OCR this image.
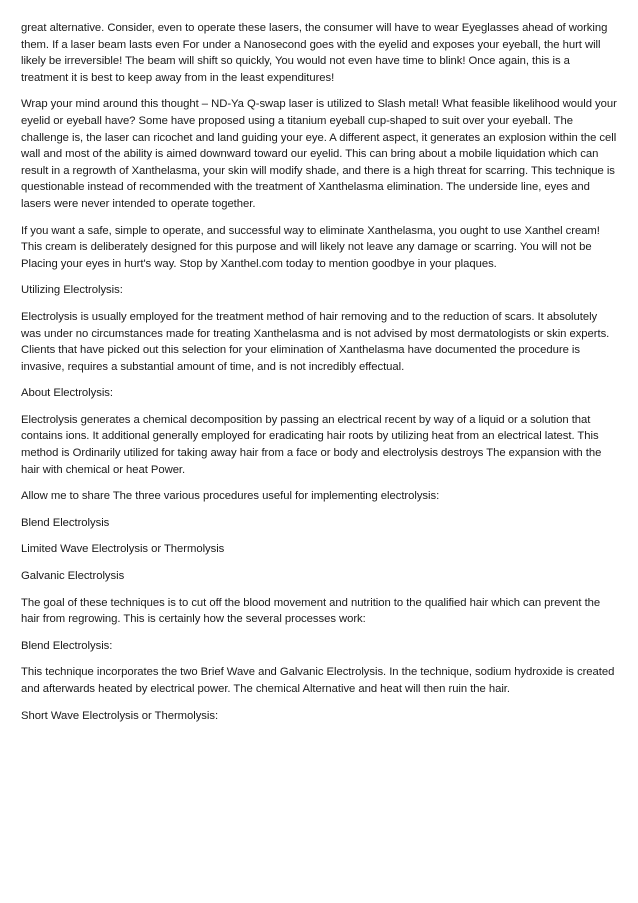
great alternative. Consider, even to operate these lasers, the consumer will have to wear Eyeglasses ahead of working them. If a laser beam lasts even For under a Nanosecond goes with the eyelid and exposes your eyeball, the hurt will likely be irreversible! The beam will shift so quickly, You would not even have time to blink! Once again, this is a treatment it is best to keep away from in the least expenditures!

Wrap your mind around this thought – ND-Ya Q-swap laser is utilized to Slash metal! What feasible likelihood would your eyelid or eyeball have? Some have proposed using a titanium eyeball cup-shaped to suit over your eyeball. The challenge is, the laser can ricochet and land guiding your eye. A different aspect, it generates an explosion within the cell wall and most of the ability is aimed downward toward our eyelid. This can bring about a mobile liquidation which can result in a regrowth of Xanthelasma, your skin will modify shade, and there is a high threat for scarring. This technique is questionable instead of recommended with the treatment of Xanthelasma elimination. The underside line, eyes and lasers were never intended to operate together.

If you want a safe, simple to operate, and successful way to eliminate Xanthelasma, you ought to use Xanthel cream! This cream is deliberately designed for this purpose and will likely not leave any damage or scarring. You will not be Placing your eyes in hurt's way. Stop by Xanthel.com today to mention goodbye in your plaques.

Utilizing Electrolysis:

Electrolysis is usually employed for the treatment method of hair removing and to the reduction of scars. It absolutely was under no circumstances made for treating Xanthelasma and is not advised by most dermatologists or skin experts. Clients that have picked out this selection for your elimination of Xanthelasma have documented the procedure is invasive, requires a substantial amount of time, and is not incredibly effectual.

About Electrolysis:

Electrolysis generates a chemical decomposition by passing an electrical recent by way of a liquid or a solution that contains ions. It additional generally employed for eradicating hair roots by utilizing heat from an electrical latest. This method is Ordinarily utilized for taking away hair from a face or body and electrolysis destroys The expansion with the hair with chemical or heat Power.

Allow me to share The three various procedures useful for implementing electrolysis:

Blend Electrolysis

Limited Wave Electrolysis or Thermolysis

Galvanic Electrolysis

The goal of these techniques is to cut off the blood movement and nutrition to the qualified hair which can prevent the hair from regrowing. This is certainly how the several processes work:

Blend Electrolysis:

This technique incorporates the two Brief Wave and Galvanic Electrolysis. In the technique, sodium hydroxide is created and afterwards heated by electrical power. The chemical Alternative and heat will then ruin the hair.

Short Wave Electrolysis or Thermolysis:
